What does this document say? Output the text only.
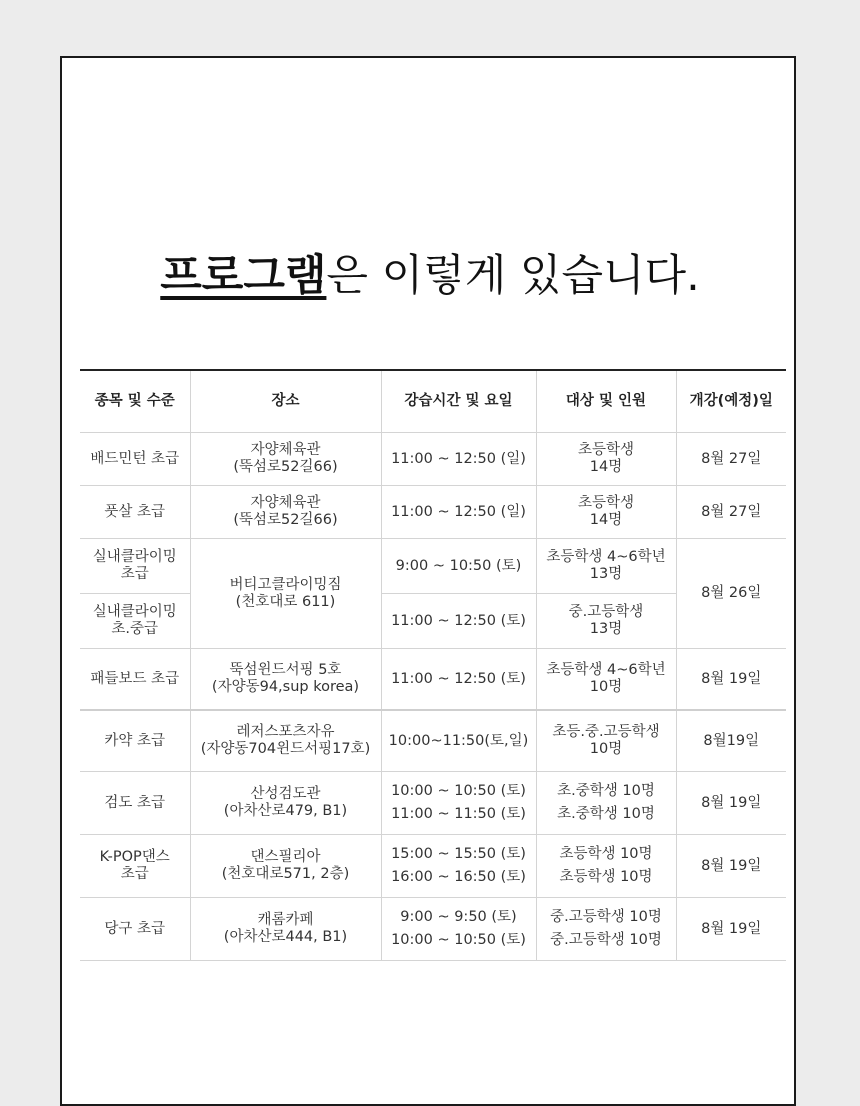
프로그램은 이렇게 있습니다.
종목 및 수준	장소	강습시간 및 요일	대상 및 인원	개강(예정)일

배드민턴 초급	자양체육관
(뚝섬로52길66)	11:00 ~ 12:50 (일)	초등학생
14명	8월 27일

풋살 초급	자양체육관
(뚝섬로52길66)	11:00 ~ 12:50 (일)	초등학생
14명	8월 27일

실내클라이밍
초급	버티고클라이밍짐
(천호대로 611)	9:00 ~ 10:50 (토)	초등학생 4~6학년
13명	8월 26일

실내클라이밍
초.중급		11:00 ~ 12:50 (토)	중.고등학생
13명	

패들보드 초급	뚝섬윈드서핑 5호
(자양동94,sup korea)	11:00 ~ 12:50 (토)	초등학생 4~6학년
10명	8월 19일

카약 초급	레저스포츠자유
(자양동704윈드서핑17호)	10:00~11:50(토,일)	초등.중.고등학생
10명	8월19일

검도 초급	산성검도관
(아차산로479, B1)	10:00 ~ 10:50 (토)
11:00 ~ 11:50 (토)	초.중학생 10명
초.중학생 10명	8월 19일

K-POP댄스
초급	댄스필리아
(천호대로571, 2층)	15:00 ~ 15:50 (토)
16:00 ~ 16:50 (토)	초등학생 10명
초등학생 10명	8월 19일

당구 초급	캐롬카페
(아차산로444, B1)	9:00 ~ 9:50 (토)
10:00 ~ 10:50 (토)	중.고등학생 10명
중.고등학생 10명	8월 19일
